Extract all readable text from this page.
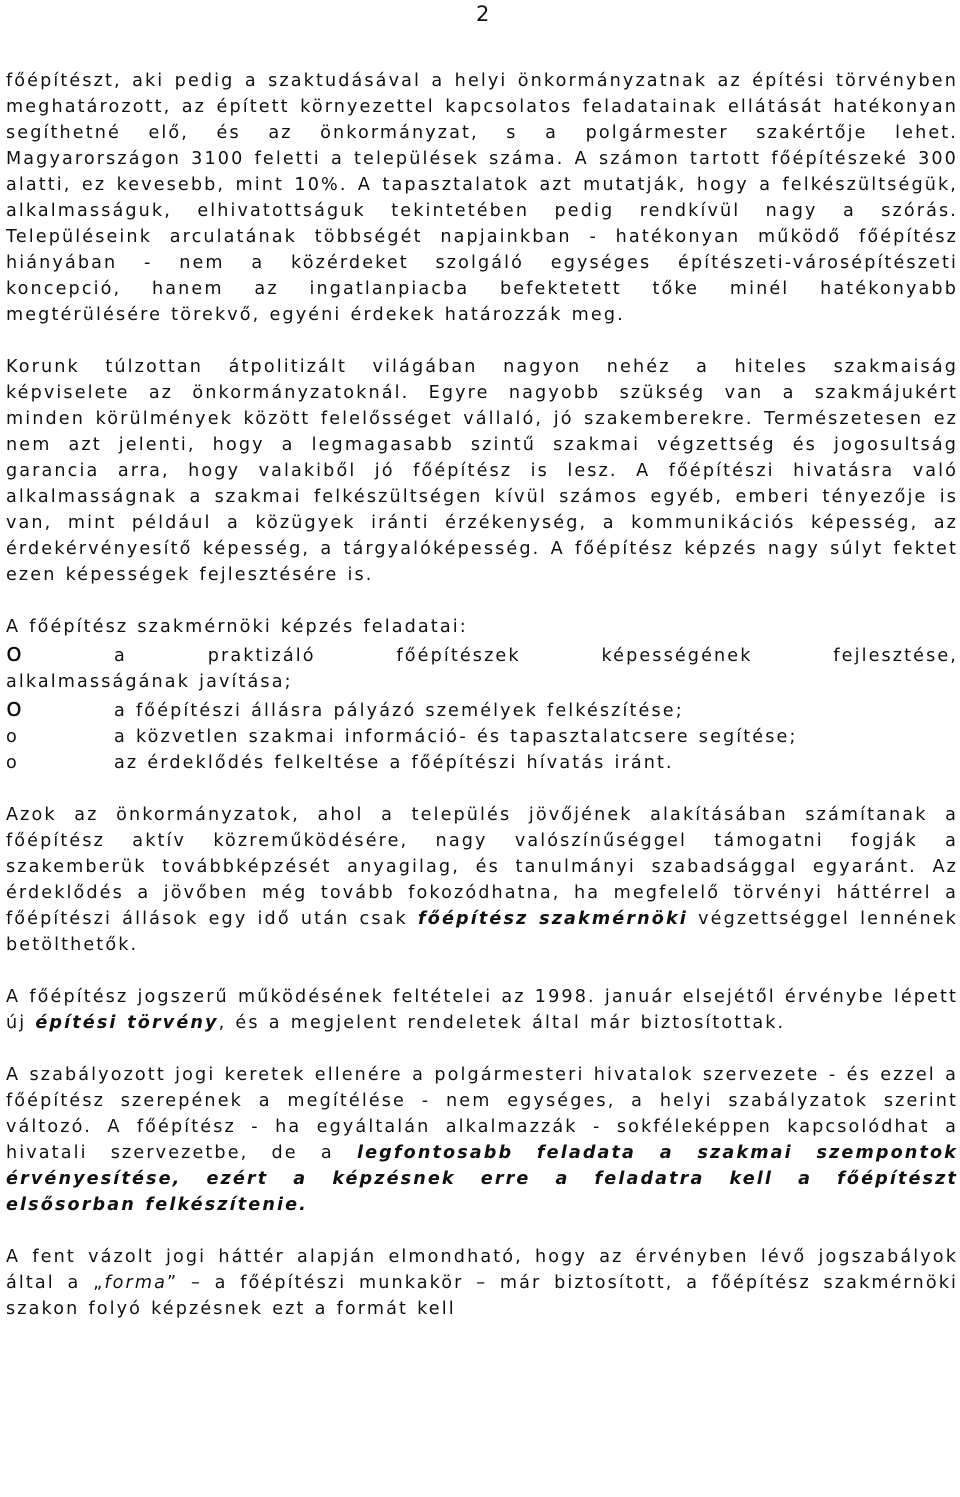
2

főépítészt, aki pedig a szaktudásával a helyi önkormányzatnak az építési törvényben meghatározott, az épített környezettel kapcsolatos feladatainak ellátását hatékonyan segíthetné elő, és az önkormányzat, s a polgármester szakértője lehet. Magyarországon 3100 feletti a települések száma. A számon tartott főépítészeké 300 alatti, ez kevesebb, mint 10%. A tapasztalatok azt mutatják, hogy a felkészültségük, alkalmasságuk, elhivatottságuk tekintetében pedig rendkívül nagy a szórás. Településeink arculatának többségét napjainkban - hatékonyan működő főépítész hiányában - nem a közérdeket szolgáló egységes építészeti-városépítészeti koncepció, hanem az ingatlanpiacba befektetett tőke minél hatékonyabb megtérülésére törekvő, egyéni érdekek határozzák meg.

Korunk túlzottan átpolitizált világában nagyon nehéz a hiteles szakmaiság képviselete az önkormányzatoknál. Egyre nagyobb szükség van a szakmájukért minden körülmények között felelősséget vállaló, jó szakemberekre. Természetesen ez nem azt jelenti, hogy a legmagasabb szintű szakmai végzettség és jogosultság garancia arra, hogy valakiből jó főépítész is lesz. A főépítészi hivatásra való alkalmasságnak a szakmai felkészültségen kívül számos egyéb, emberi tényezője is van, mint például a közügyek iránti érzékenység, a kommunikációs képesség, az érdekérvényesítő képesség, a tárgyalóképesség. A főépítész képzés nagy súlyt fektet ezen képességek fejlesztésére is.

A főépítész szakmérnöki képzés feladatai:
o	a praktizáló főépítészek képességének fejlesztése,
alkalmasságának javítása;
o	a főépítészi állásra pályázó személyek felkészítése;
o	a közvetlen szakmai információ- és tapasztalatcsere segítése;
o	az érdeklődés felkeltése a főépítészi hívatás iránt.

Azok az önkormányzatok, ahol a település jövőjének alakításában számítanak a főépítész aktív közreműködésére, nagy valószínűséggel támogatni fogják a szakemberük továbbképzését anyagilag, és tanulmányi szabadsággal egyaránt. Az érdeklődés a jövőben még tovább fokozódhatna, ha megfelelő törvényi háttérrel a főépítészi állások egy idő után csak főépítész szakmérnöki végzettséggel lennének betölthetők.

A főépítész jogszerű működésének feltételei az 1998. január elsejétől érvénybe lépett új építési törvény, és a megjelent rendeletek által már biztosítottak.

A szabályozott jogi keretek ellenére a polgármesteri hivatalok szervezete - és ezzel a főépítész szerepének a megítélése - nem egységes, a helyi szabályzatok szerint változó. A főépítész - ha egyáltalán alkalmazzák - sokféleképpen kapcsolódhat a hivatali szervezetbe, de a legfontosabb feladata a szakmai szempontok érvényesítése, ezért a képzésnek erre a feladatra kell a főépítészt elsősorban felkészítenie.

A fent vázolt jogi háttér alapján elmondható, hogy az érvényben lévő jogszabályok által a „forma” – a főépítészi munkakör – már biztosított, a főépítész szakmérnöki szakon folyó képzésnek ezt a formát kell
